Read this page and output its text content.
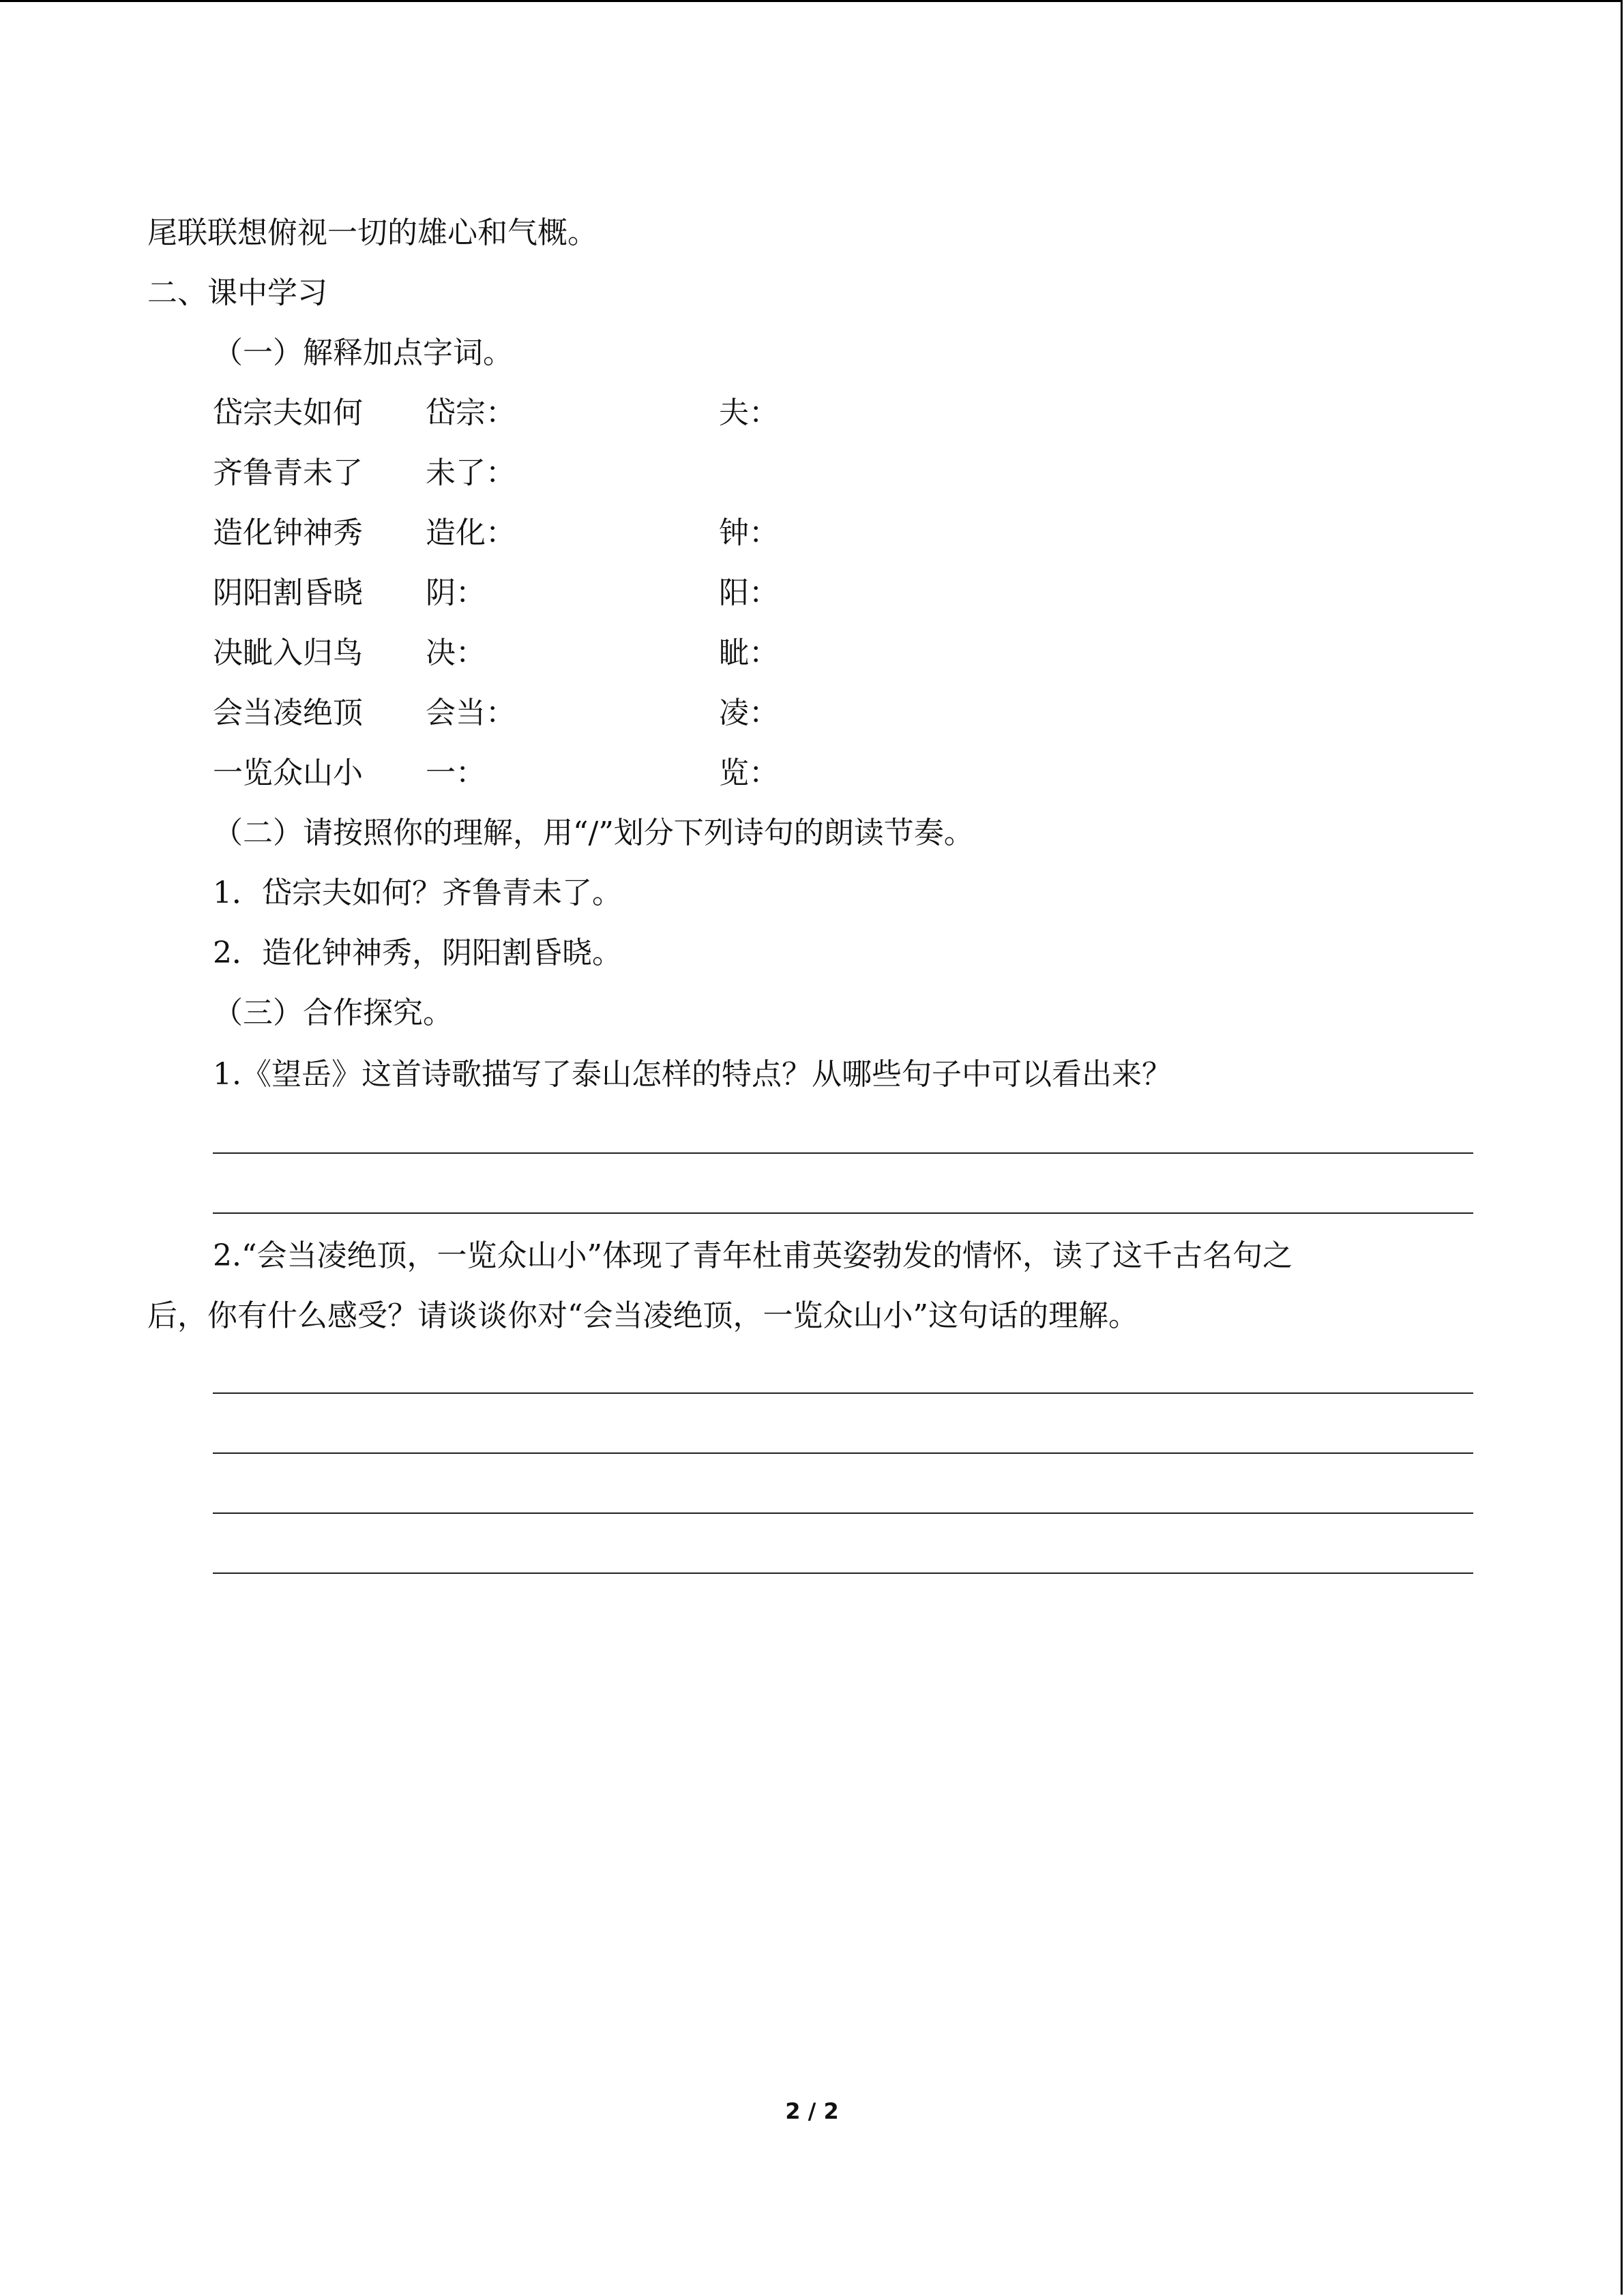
尾联联想俯视一切的雄心和气概。
二、课中学习
（一）解释加点字词。
岱宗夫如何 岱宗：	夫：
齐鲁青未了 未了：
造化钟神秀 造化：	钟：
阴阳割昏晓 阴：	阳：
决眦入归鸟 决：	眦：
会当凌绝顶 会当：	凌：
一览众山小 一：	览：
（二）请按照你的理解，用“/”划分下列诗句的朗读节奏。
1．岱宗夫如何？齐鲁青未了。
2．造化钟神秀，阴阳割昏晓。
（三）合作探究。
1.《望岳》这首诗歌描写了泰山怎样的特点？从哪些句子中可以看出来？
2.“会当凌绝顶，一览众山小”体现了青年杜甫英姿勃发的情怀，读了这千古名句之
后，你有什么感受？请谈谈你对“会当凌绝顶，一览众山小”这句话的理解。
2 / 2
